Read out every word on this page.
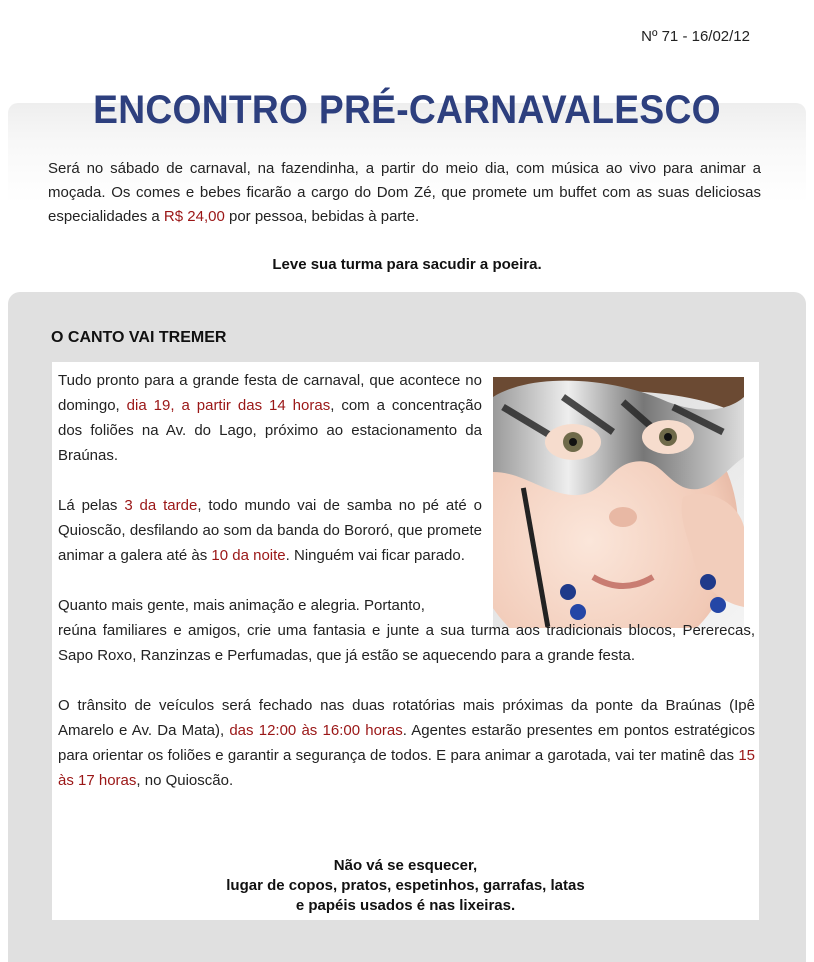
Nº 71 - 16/02/12
ENCONTRO PRÉ-CARNAVALESCO

Será no sábado de carnaval, na fazendinha, a partir do meio dia, com música ao vivo para animar a moçada. Os comes e bebes ficarão a cargo do Dom Zé, que promete um buffet com as suas deliciosas especialidades a R$ 24,00 por pessoa, bebidas à parte.

Leve sua turma para sacudir a poeira.
O CANTO VAI TREMER

Tudo pronto para a grande festa de carnaval, que acontece no domingo, dia 19, a partir das 14 horas, com a concentração dos foliões na Av. do Lago, próximo ao estacionamento da Braúnas.

Lá pelas 3 da tarde, todo mundo vai de samba no pé até o Quioscão, desfilando ao som da banda do Bororó, que promete animar a galera até às 10 da noite. Ninguém vai ficar parado.

Quanto mais gente, mais animação e alegria. Portanto,
reúna familiares e amigos, crie uma fantasia e junte a sua turma aos tradicionais blocos, Pererecas, Sapo Roxo, Ranzinzas e Perfumadas, que já estão se aquecendo para a grande festa.

O trânsito de veículos será fechado nas duas rotatórias mais próximas da ponte da Braúnas (Ipê Amarelo e Av. Da Mata), das 12:00 às 16:00 horas. Agentes estarão presentes em pontos estratégicos para orientar os foliões e garantir a segurança de todos. E para animar a garotada, vai ter matinê das 15 às 17 horas, no Quioscão.

Não vá se esquecer,
lugar de copos, pratos, espetinhos, garrafas, latas
e papéis usados é nas lixeiras.
